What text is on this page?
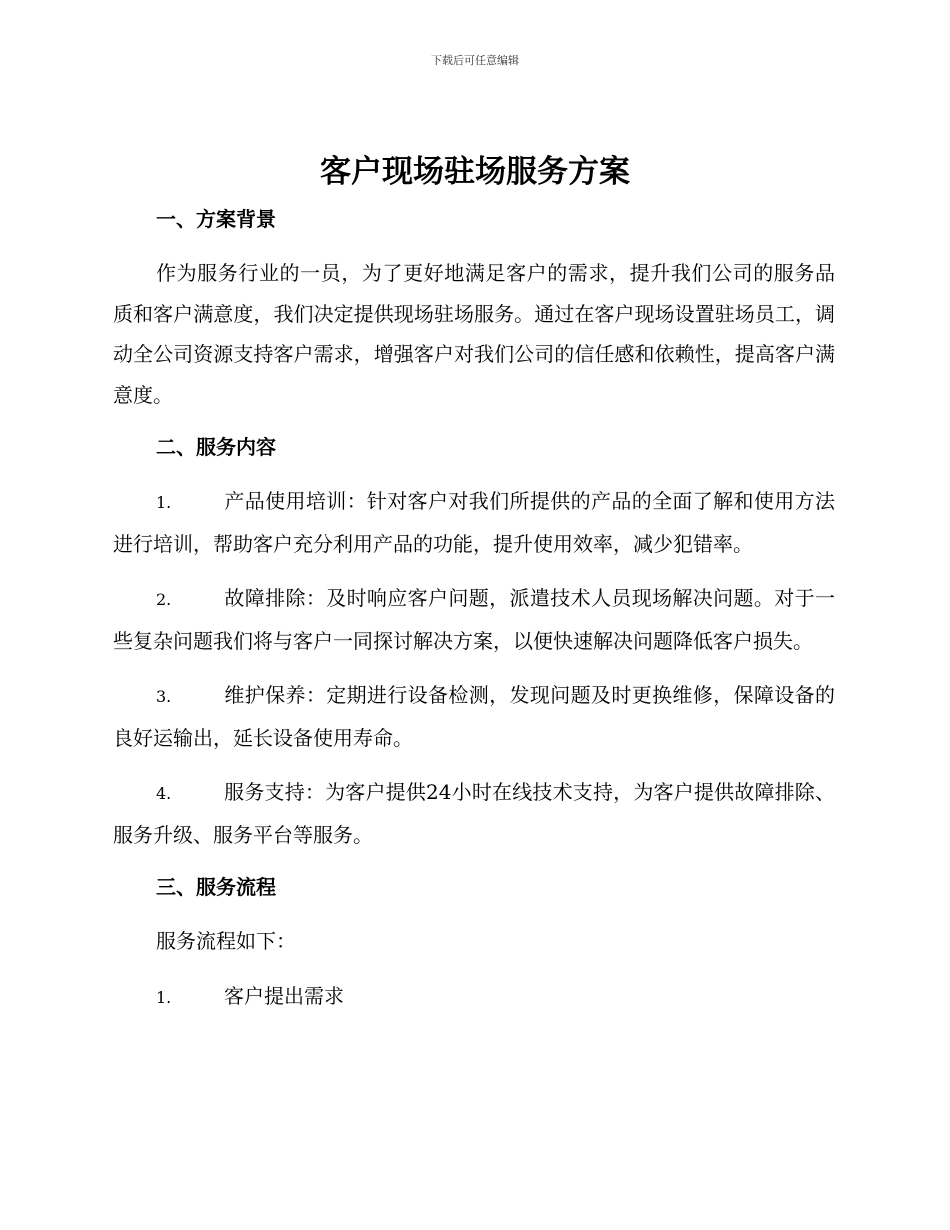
下载后可任意编辑
客户现场驻场服务方案
一、方案背景

作为服务行业的一员，为了更好地满足客户的需求，提升我们公司的服务品质和客户满意度，我们决定提供现场驻场服务。通过在客户现场设置驻场员工，调动全公司资源支持客户需求，增强客户对我们公司的信任感和依赖性，提高客户满意度。

二、服务内容

1.	产品使用培训：针对客户对我们所提供的产品的全面了解和使用方法进行培训，帮助客户充分利用产品的功能，提升使用效率，减少犯错率。

2.	故障排除：及时响应客户问题，派遣技术人员现场解决问题。对于一些复杂问题我们将与客户一同探讨解决方案，以便快速解决问题降低客户损失。

3.	维护保养：定期进行设备检测，发现问题及时更换维修，保障设备的良好运输出，延长设备使用寿命。

4.	服务支持：为客户提供24小时在线技术支持，为客户提供故障排除、服务升级、服务平台等服务。

三、服务流程

服务流程如下：

1.	客户提出需求
